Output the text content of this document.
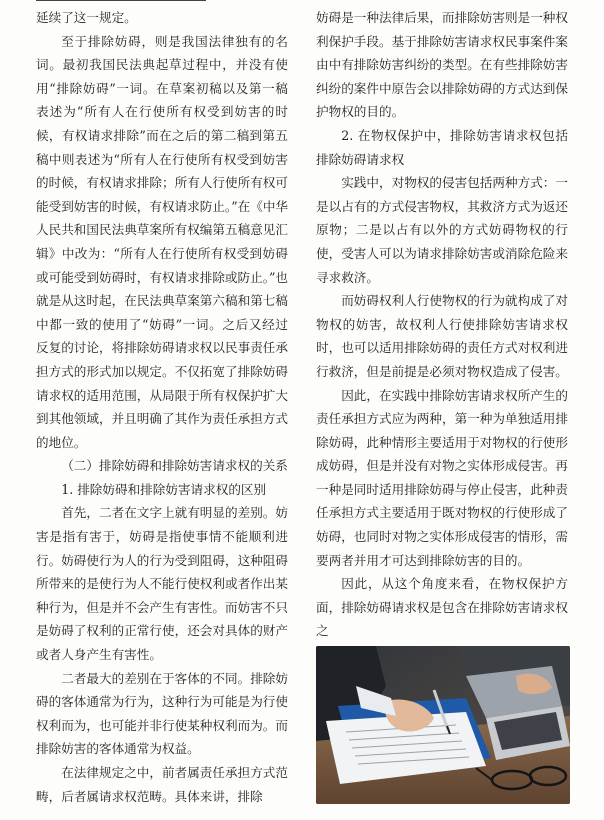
延续了这一规定。

至于排除妨碍，则是我国法律独有的名词。最初我国民法典起草过程中，并没有使用“排除妨碍”一词。在草案初稿以及第一稿表述为“所有人在行使所有权受到妨害的时候，有权请求排除”而在之后的第二稿到第五稿中则表述为“所有人在行使所有权受到妨害的时候，有权请求排除；所有人行使所有权可能受到妨害的时候，有权请求防止。”在《中华人民共和国民法典草案所有权编第五稿意见汇辑》中改为：“所有人在行使所有权受到妨碍或可能受到妨碍时，有权请求排除或防止。”也就是从这时起，在民法典草案第六稿和第七稿中都一致的使用了“妨碍”一词。之后又经过反复的讨论，将排除妨碍请求权以民事责任承担方式的形式加以规定。不仅拓宽了排除妨碍请求权的适用范围，从局限于所有权保护扩大到其他领域，并且明确了其作为责任承担方式的地位。

（二）排除妨碍和排除妨害请求权的关系

1. 排除妨碍和排除妨害请求权的区别

首先，二者在文字上就有明显的差别。妨害是指有害于，妨碍是指使事情不能顺利进行。妨碍使行为人的行为受到阻碍，这种阻碍所带来的是使行为人不能行使权利或者作出某种行为，但是并不会产生有害性。而妨害不只是妨碍了权利的正常行使，还会对具体的财产或者人身产生有害性。

二者最大的差别在于客体的不同。排除妨碍的客体通常为行为，这种行为可能是为行使权利而为，也可能并非行使某种权利而为。而排除妨害的客体通常为权益。

在法律规定之中，前者属责任承担方式范畴，后者属请求权范畴。具体来讲，排除

妨碍是一种法律后果，而排除妨害则是一种权利保护手段。基于排除妨害请求权民事案件案由中有排除妨害纠纷的类型。在有些排除妨害纠纷的案件中原告会以排除妨碍的方式达到保护物权的目的。

2. 在物权保护中，排除妨害请求权包括排除妨碍请求权

实践中，对物权的侵害包括两种方式：一是以占有的方式侵害物权，其救济方式为返还原物；二是以占有以外的方式妨碍物权的行使，受害人可以为请求排除妨害或消除危险来寻求救济。

而妨碍权利人行使物权的行为就构成了对物权的妨害，故权利人行使排除妨害请求权时，也可以适用排除妨碍的责任方式对权利进行救济，但是前提是必须对物权造成了侵害。

因此，在实践中排除妨害请求权所产生的责任承担方式应为两种，第一种为单独适用排除妨碍，此种情形主要适用于对物权的行使形成妨碍，但是并没有对物之实体形成侵害。再一种是同时适用排除妨碍与停止侵害，此种责任承担方式主要适用于既对物权的行使形成了妨碍，也同时对物之实体形成侵害的情形，需要两者并用才可达到排除妨害的目的。

因此，从这个角度来看，在物权保护方面，排除妨碍请求权是包含在排除妨害请求权之
